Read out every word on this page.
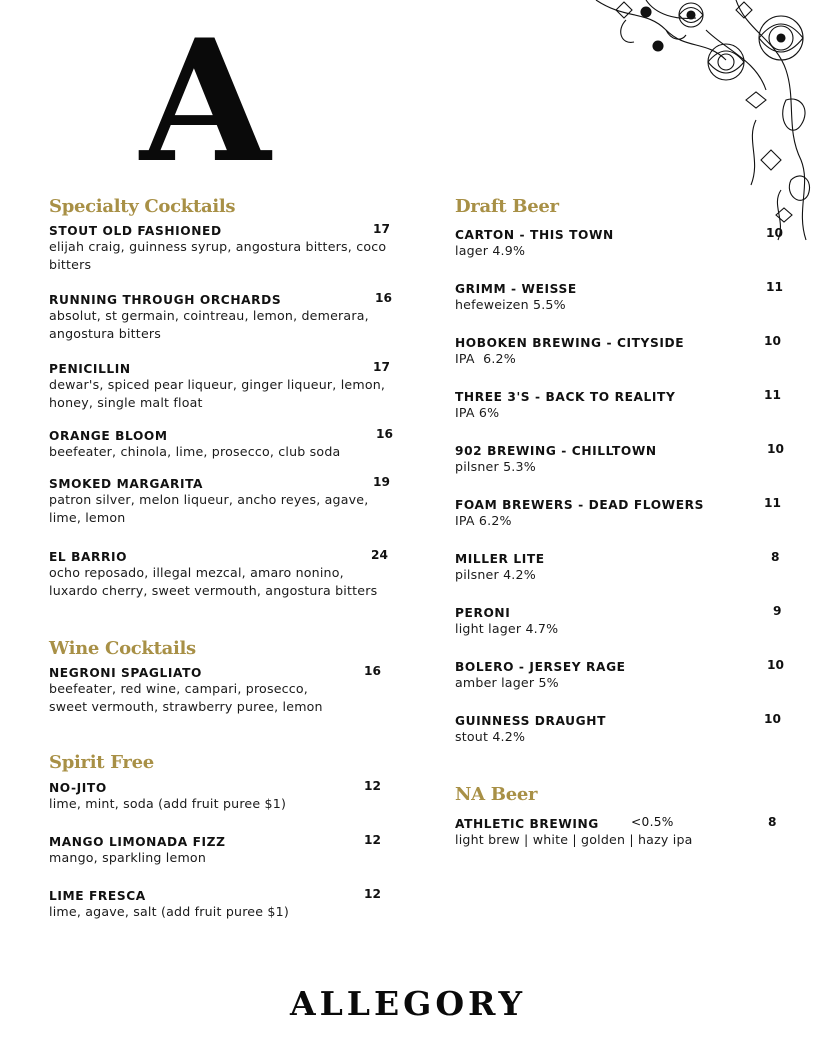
A
Specialty Cocktails
STOUT OLD FASHIONED	17
elijah craig, guinness syrup, angostura bitters, coco bitters
RUNNING THROUGH ORCHARDS	16
absolut, st germain, cointreau, lemon, demerara, angostura bitters
PENICILLIN	17
dewar's, spiced pear liqueur, ginger liqueur, lemon, honey, single malt float
ORANGE BLOOM	16
beefeater, chinola, lime, prosecco, club soda
SMOKED MARGARITA	19
patron silver, melon liqueur, ancho reyes, agave, lime, lemon
EL BARRIO	24
ocho reposado, illegal mezcal, amaro nonino, luxardo cherry, sweet vermouth, angostura bitters
Wine Cocktails
NEGRONI SPAGLIATO	16
beefeater, red wine, campari, prosecco, sweet vermouth, strawberry puree, lemon
Spirit Free
NO-JITO	12
lime, mint, soda (add fruit puree $1)
MANGO LIMONADA FIZZ	12
mango, sparkling lemon
LIME FRESCA	12
lime, agave, salt (add fruit puree $1)
Draft Beer
CARTON - THIS TOWN	10
lager 4.9%
GRIMM - WEISSE	11
hefeweizen 5.5%
HOBOKEN BREWING - CITYSIDE	10
IPA  6.2%
THREE 3'S - BACK TO REALITY	11
IPA 6%
902 BREWING - CHILLTOWN	10
pilsner 5.3%
FOAM BREWERS - DEAD FLOWERS	11
IPA 6.2%
MILLER LITE	8
pilsner 4.2%
PERONI	9
light lager 4.7%
BOLERO - JERSEY RAGE	10
amber lager 5%
GUINNESS DRAUGHT	10
stout 4.2%
NA Beer
ATHLETIC BREWING	<0.5%	8
light brew | white | golden | hazy ipa
ALLEGORY
